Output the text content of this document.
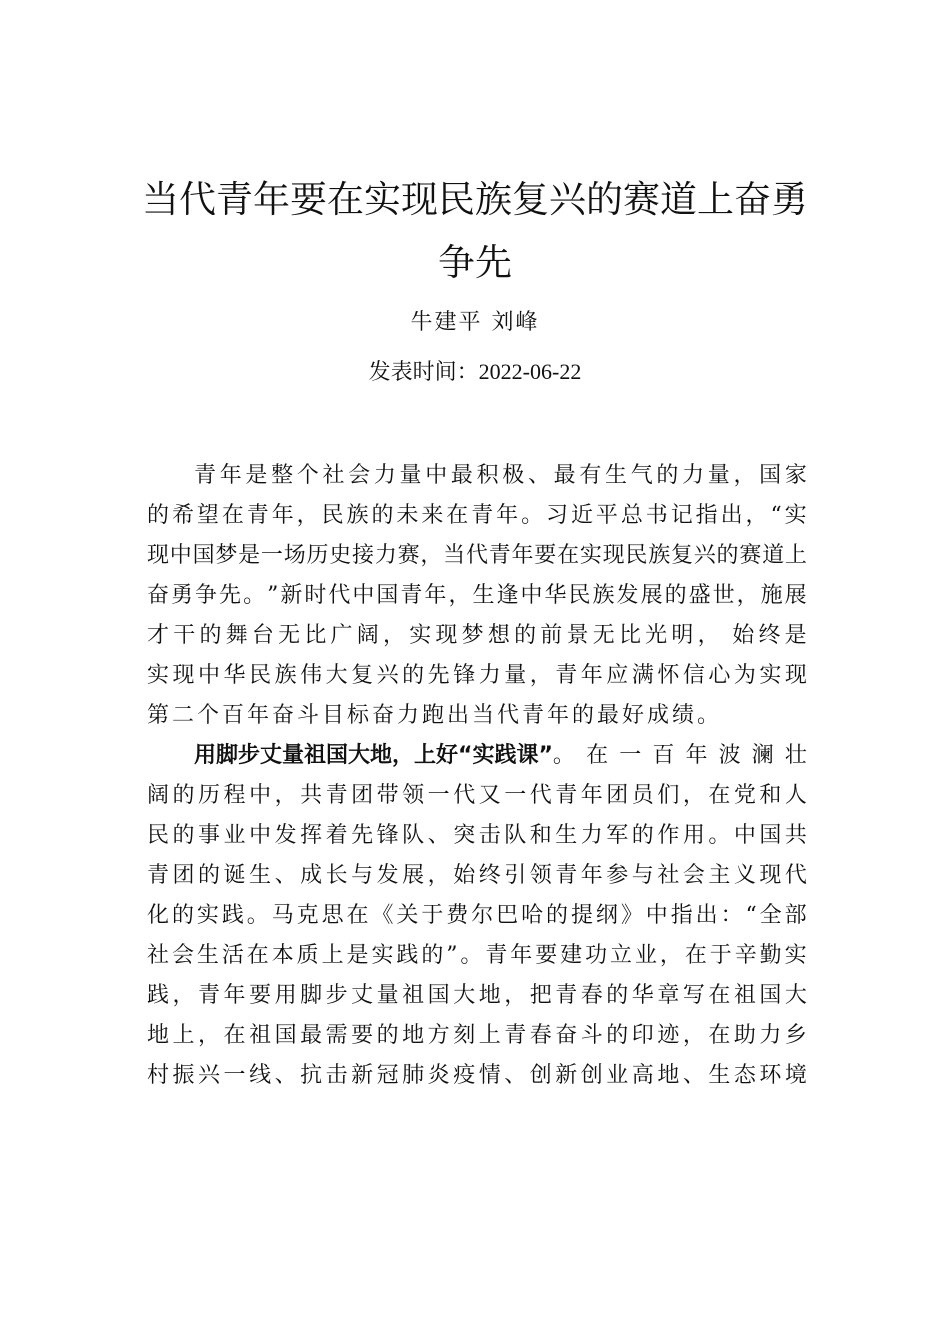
当代青年要在实现民族复兴的赛道上奋勇
争先
牛建平 刘峰
发表时间：2022-06-22
青 年 是 整 个 社 会 力 量 中 最 积 极 、 最 有 生 气 的 力 量 ， 国 家
的 希 望 在 青 年 ， 民 族 的 未 来 在 青 年 。 习 近 平 总 书 记 指 出 ， “ 实
现 中 国 梦 是 一 场 历 史 接 力 赛 ， 当 代 青 年 要 在 实 现 民 族 复 兴 的 赛 道 上
奋 勇 争 先 。 ” 新 时 代 中 国 青 年 ， 生 逢 中 华 民 族 发 展 的 盛 世 ， 施 展
才 干 的 舞 台 无 比 广 阔 ， 实 现 梦 想 的 前 景 无 比 光 明 ， 始 终 是
实 现 中 华 民 族 伟 大 复 兴 的 先 锋 力 量 ， 青 年 应 满 怀 信 心 为 实 现
第二个百年奋斗目标奋力跑出当代青年的最好成绩。
用脚步丈量祖国大地，上好“实践课” 。 在 一 百 年 波 澜 壮
阔 的 历 程 中 ， 共 青 团 带 领 一 代 又 一 代 青 年 团 员 们 ， 在 党 和 人
民 的 事 业 中 发 挥 着 先 锋 队 、 突 击 队 和 生 力 军 的 作 用 。 中 国 共
青 团 的 诞 生 、 成 长 与 发 展 ， 始 终 引 领 青 年 参 与 社 会 主 义 现 代
化 的 实 践 。 马 克 思 在 《 关 于 费 尔 巴 哈 的 提 纲 》 中 指 出 ： “ 全 部
社 会 生 活 在 本 质 上 是 实 践 的 ” 。 青 年 要 建 功 立 业 ， 在 于 辛 勤 实
践 ， 青 年 要 用 脚 步 丈 量 祖 国 大 地 ， 把 青 春 的 华 章 写 在 祖 国 大
地 上 ， 在 祖 国 最 需 要 的 地 方 刻 上 青 春 奋 斗 的 印 迹 ， 在 助 力 乡
村 振 兴 一 线 、 抗 击 新 冠 肺 炎 疫 情 、 创 新 创 业 高 地 、 生 态 环 境
